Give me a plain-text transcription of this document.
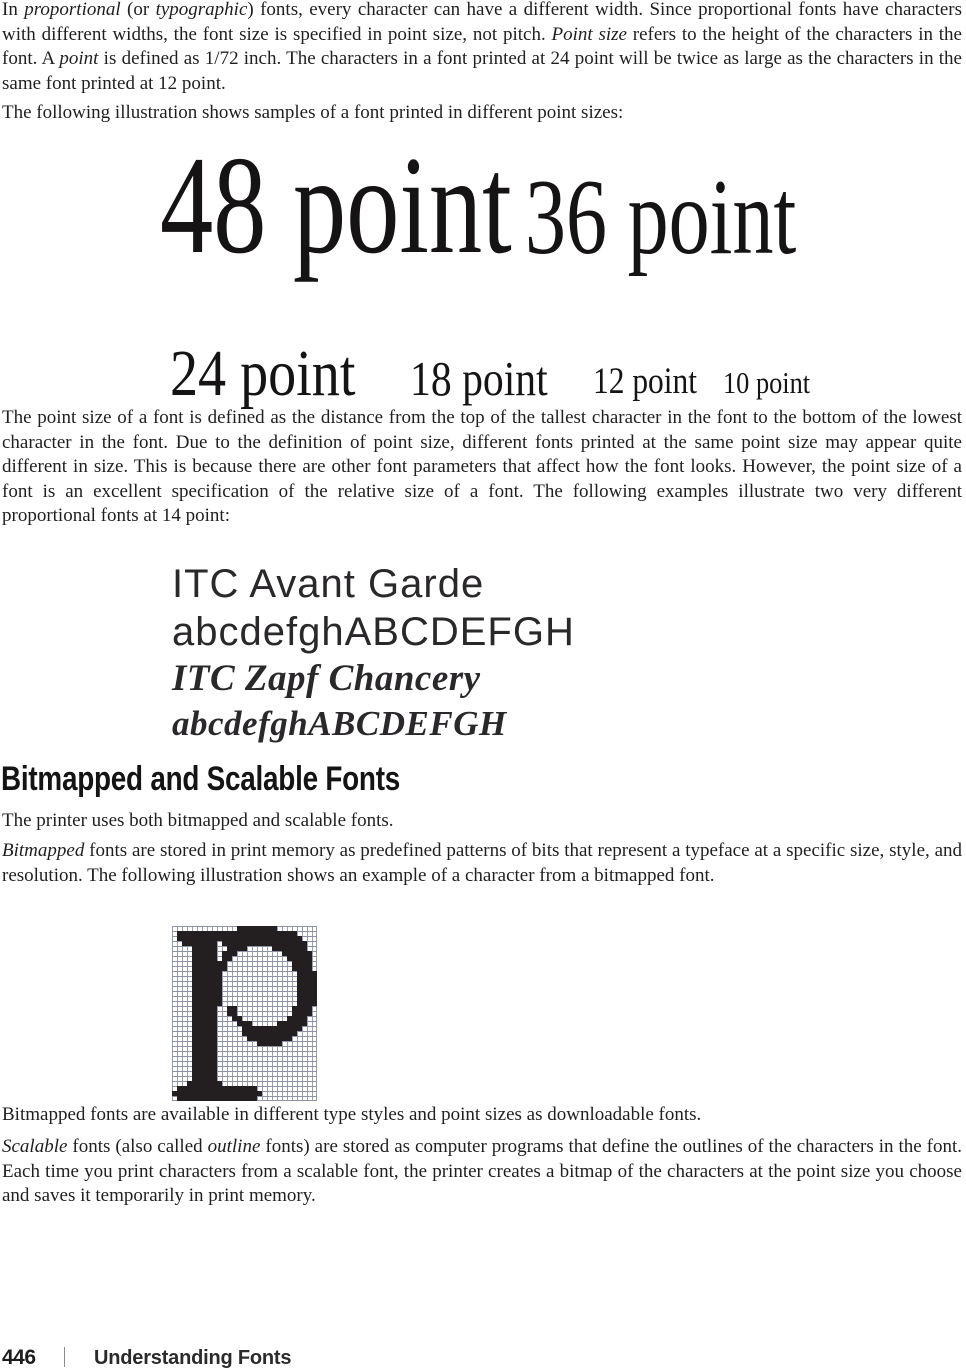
In proportional (or typographic) fonts, every character can have a different width. Since proportional fonts have characters with different widths, the font size is specified in point size, not pitch. Point size refers to the height of the characters in the font. A point is defined as 1/72 inch. The characters in a font printed at 24 point will be twice as large as the characters in the same font printed at 12 point.

The following illustration shows samples of a font printed in different point sizes:

48 point 36 point
24 point 18 point 12 point 10 point

The point size of a font is defined as the distance from the top of the tallest character in the font to the bottom of the lowest character in the font. Due to the definition of point size, different fonts printed at the same point size may appear quite different in size. This is because there are other font parameters that affect how the font looks. However, the point size of a font is an excellent specification of the relative size of a font. The following examples illustrate two very different proportional fonts at 14 point:

ITC Avant Garde
abcdefghABCDEFGH
ITC Zapf Chancery
abcdefghABCDEFGH
Bitmapped and Scalable Fonts

The printer uses both bitmapped and scalable fonts.

Bitmapped fonts are stored in print memory as predefined patterns of bits that represent a typeface at a specific size, style, and resolution. The following illustration shows an example of a character from a bitmapped font.

Bitmapped fonts are available in different type styles and point sizes as downloadable fonts.

Scalable fonts (also called outline fonts) are stored as computer programs that define the outlines of the characters in the font. Each time you print characters from a scalable font, the printer creates a bitmap of the characters at the point size you choose and saves it temporarily in print memory.

446	Understanding Fonts
